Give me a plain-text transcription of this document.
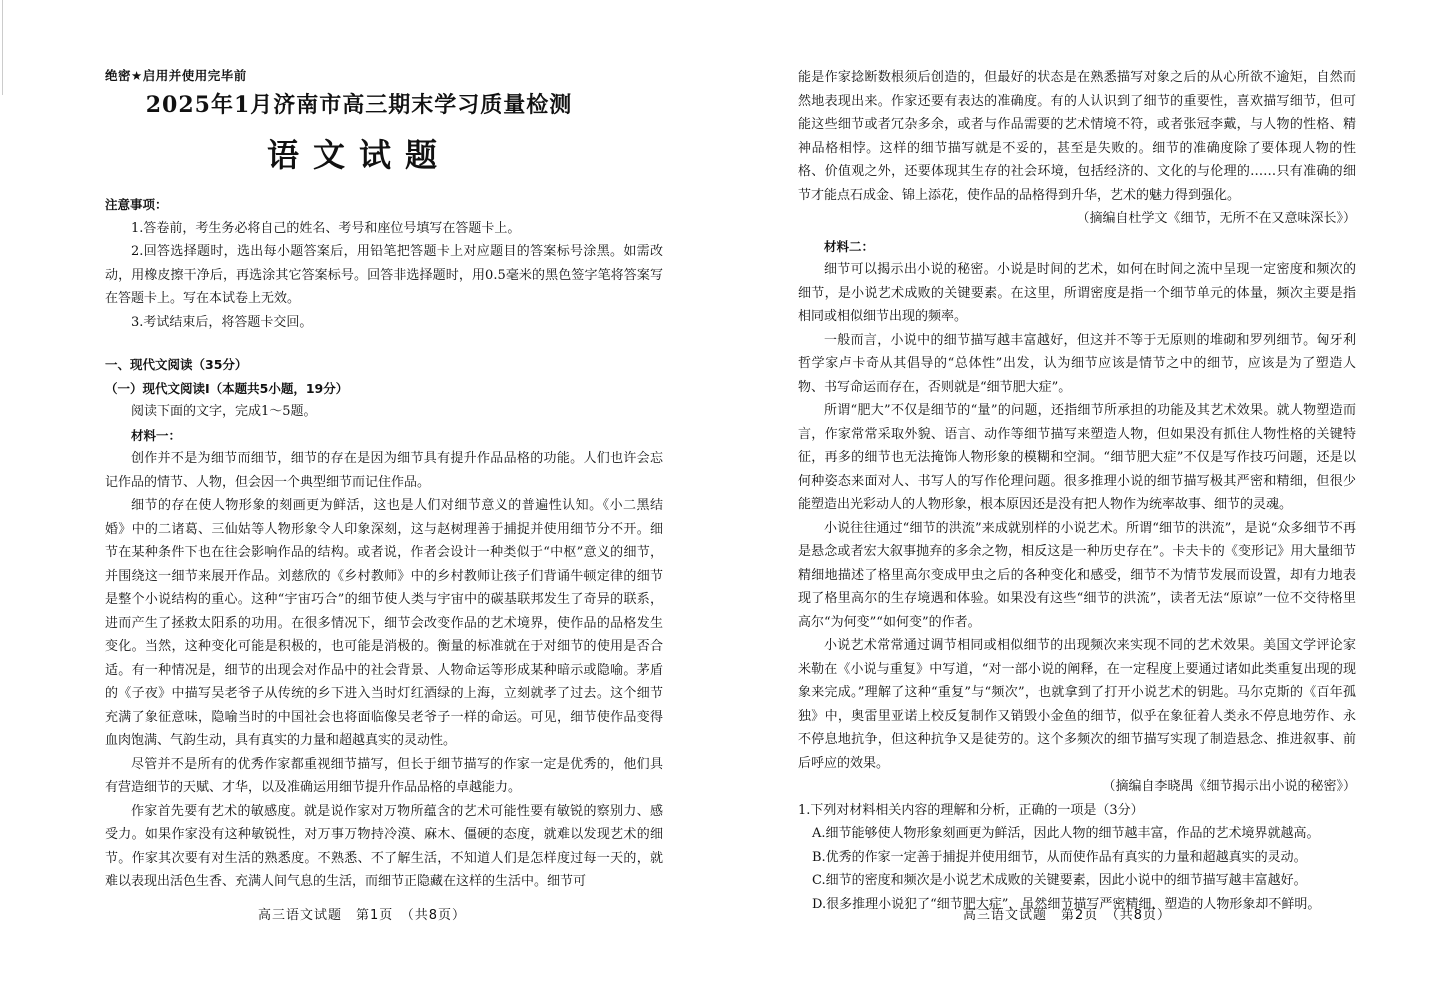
绝密★启用并使用完毕前
2025年1月济南市高三期末学习质量检测
语文试题

注意事项：

1.答卷前，考生务必将自己的姓名、考号和座位号填写在答题卡上。

2.回答选择题时，选出每小题答案后，用铅笔把答题卡上对应题目的答案标号涂黑。如需改动，用橡皮擦干净后，再选涂其它答案标号。回答非选择题时，用0.5毫米的黑色签字笔将答案写在答题卡上。写在本试卷上无效。

3.考试结束后，将答题卡交回。

一、现代文阅读（35分）

（一）现代文阅读Ⅰ（本题共5小题，19分）

阅读下面的文字，完成1～5题。

材料一：

创作并不是为细节而细节，细节的存在是因为细节具有提升作品品格的功能。人们也许会忘记作品的情节、人物，但会因一个典型细节而记住作品。

细节的存在使人物形象的刻画更为鲜活，这也是人们对细节意义的普遍性认知。《小二黑结婚》中的二诸葛、三仙姑等人物形象令人印象深刻，这与赵树理善于捕捉并使用细节分不开。细节在某种条件下也在往会影响作品的结构。或者说，作者会设计一种类似于“中枢”意义的细节，并围绕这一细节来展开作品。刘慈欣的《乡村教师》中的乡村教师让孩子们背诵牛顿定律的细节是整个小说结构的重心。这种“宇宙巧合”的细节使人类与宇宙中的碳基联邦发生了奇异的联系，进而产生了拯救太阳系的功用。在很多情况下，细节会改变作品的艺术境界，使作品的品格发生变化。当然，这种变化可能是积极的，也可能是消极的。衡量的标准就在于对细节的使用是否合适。有一种情况是，细节的出现会对作品中的社会背景、人物命运等形成某种暗示或隐喻。茅盾的《子夜》中描写吴老爷子从传统的乡下进入当时灯红酒绿的上海，立刻就孝了过去。这个细节充满了象征意味，隐喻当时的中国社会也将面临像吴老爷子一样的命运。可见，细节使作品变得血肉饱满、气韵生动，具有真实的力量和超越真实的灵动性。

尽管并不是所有的优秀作家都重视细节描写，但长于细节描写的作家一定是优秀的，他们具有营造细节的天赋、才华，以及准确运用细节提升作品品格的卓越能力。

作家首先要有艺术的敏感度。就是说作家对万物所蕴含的艺术可能性要有敏锐的察别力、感受力。如果作家没有这种敏锐性，对万事万物持冷漠、麻木、僵硬的态度，就难以发现艺术的细节。作家其次要有对生活的熟悉度。不熟悉、不了解生活，不知道人们是怎样度过每一天的，就难以表现出活色生香、充满人间气息的生活，而细节正隐藏在这样的生活中。细节可

高三语文试题　第1页　（共8页）

能是作家捻断数根须后创造的，但最好的状态是在熟悉描写对象之后的从心所欲不逾矩，自然而然地表现出来。作家还要有表达的准确度。有的人认识到了细节的重要性，喜欢描写细节，但可能这些细节或者冗杂多余，或者与作品需要的艺术情境不符，或者张冠李戴，与人物的性格、精神品格相悖。这样的细节描写就是不妥的，甚至是失败的。细节的准确度除了要体现人物的性格、价值观之外，还要体现其生存的社会环境，包括经济的、文化的与伦理的……只有准确的细节才能点石成金、锦上添花，使作品的品格得到升华，艺术的魅力得到强化。

（摘编自杜学文《细节，无所不在又意味深长》）

材料二：

细节可以揭示出小说的秘密。小说是时间的艺术，如何在时间之流中呈现一定密度和频次的细节，是小说艺术成败的关键要素。在这里，所谓密度是指一个细节单元的体量，频次主要是指相同或相似细节出现的频率。

一般而言，小说中的细节描写越丰富越好，但这并不等于无原则的堆砌和罗列细节。匈牙利哲学家卢卡奇从其倡导的“总体性”出发，认为细节应该是情节之中的细节，应该是为了塑造人物、书写命运而存在，否则就是“细节肥大症”。

所谓“肥大”不仅是细节的“量”的问题，还指细节所承担的功能及其艺术效果。就人物塑造而言，作家常常采取外貌、语言、动作等细节描写来塑造人物，但如果没有抓住人物性格的关键特征，再多的细节也无法掩饰人物形象的模糊和空洞。“细节肥大症”不仅是写作技巧问题，还是以何种姿态来面对人、书写人的写作伦理问题。很多推理小说的细节描写极其严密和精细，但很少能塑造出光彩动人的人物形象，根本原因还是没有把人物作为统率故事、细节的灵魂。

小说往往通过“细节的洪流”来成就别样的小说艺术。所谓“细节的洪流”，是说“众多细节不再是悬念或者宏大叙事抛弃的多余之物，相反这是一种历史存在”。卡夫卡的《变形记》用大量细节精细地描述了格里高尔变成甲虫之后的各种变化和感受，细节不为情节发展而设置，却有力地表现了格里高尔的生存境遇和体验。如果没有这些“细节的洪流”，读者无法“原谅”一位不交待格里高尔“为何变”“如何变”的作者。

小说艺术常常通过调节相同或相似细节的出现频次来实现不同的艺术效果。美国文学评论家米勒在《小说与重复》中写道，“对一部小说的阐释，在一定程度上要通过诸如此类重复出现的现象来完成。”理解了这种“重复”与“频次”，也就拿到了打开小说艺术的钥匙。马尔克斯的《百年孤独》中，奥雷里亚诺上校反复制作又销毁小金鱼的细节，似乎在象征着人类永不停息地劳作、永不停息地抗争，但这种抗争又是徒劳的。这个多频次的细节描写实现了制造悬念、推进叙事、前后呼应的效果。

（摘编自李晓禺《细节揭示出小说的秘密》）

1.下列对材料相关内容的理解和分析，正确的一项是（3分）

A.细节能够使人物形象刻画更为鲜活，因此人物的细节越丰富，作品的艺术境界就越高。

B.优秀的作家一定善于捕捉并使用细节，从而使作品有真实的力量和超越真实的灵动。

C.细节的密度和频次是小说艺术成败的关键要素，因此小说中的细节描写越丰富越好。

D.很多推理小说犯了“细节肥大症”，虽然细节描写严密精细，塑造的人物形象却不鲜明。

高三语文试题　第2页　（共8页）
